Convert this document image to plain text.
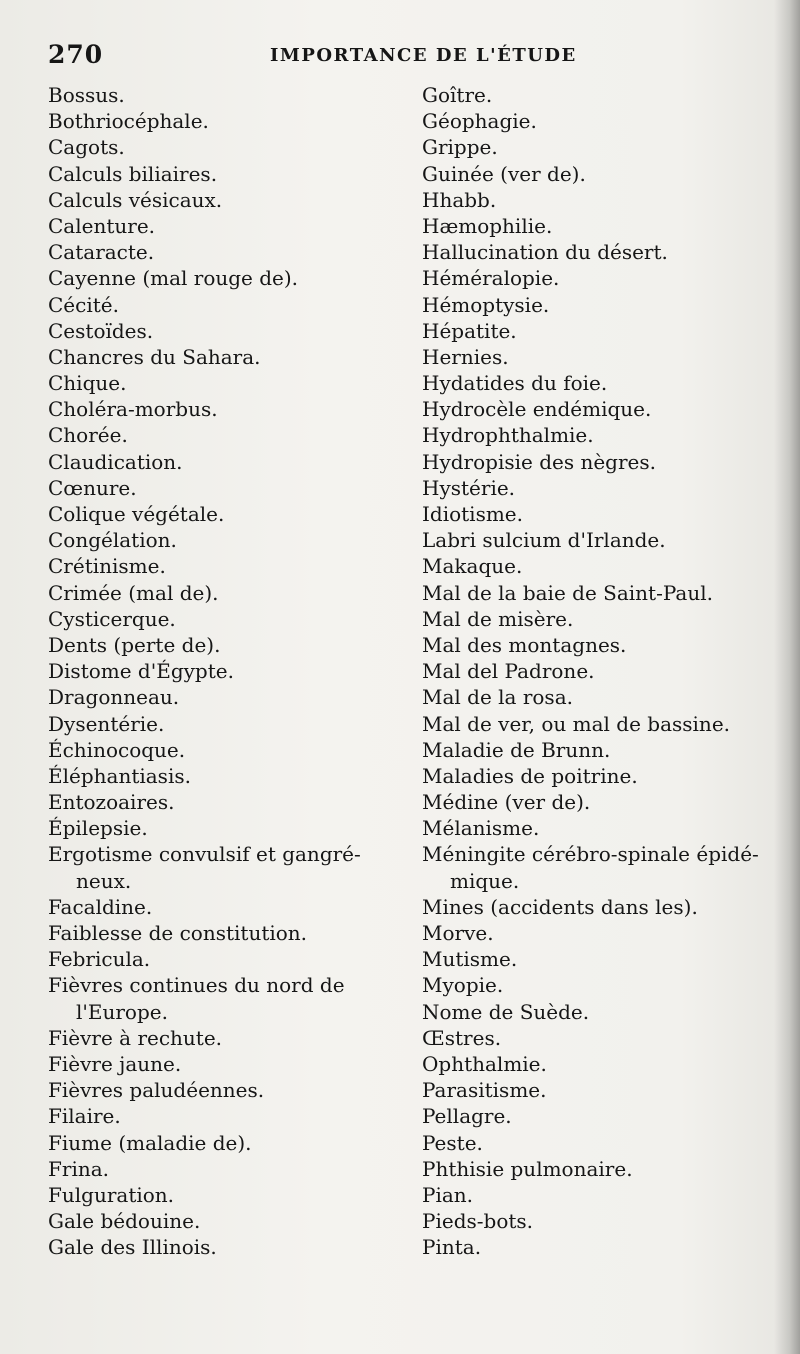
270	IMPORTANCE DE L'ÉTUDE
Bossus.
Bothriocéphale.
Cagots.
Calculs biliaires.
Calculs vésicaux.
Calenture.
Cataracte.
Cayenne (mal rouge de).
Cécité.
Cestoïdes.
Chancres du Sahara.
Chique.
Choléra-morbus.
Chorée.
Claudication.
Cœnure.
Colique végétale.
Congélation.
Crétinisme.
Crimée (mal de).
Cysticerque.
Dents (perte de).
Distome d'Égypte.
Dragonneau.
Dysentérie.
Échinocoque.
Éléphantiasis.
Entozoaires.
Épilepsie.
Ergotisme convulsif et gangré-
neux.
Facaldine.
Faiblesse de constitution.
Febricula.
Fièvres continues du nord de
l'Europe.
Fièvre à rechute.
Fièvre jaune.
Fièvres paludéennes.
Filaire.
Fiume (maladie de).
Frina.
Fulguration.
Gale bédouine.
Gale des Illinois.
Goître.
Géophagie.
Grippe.
Guinée (ver de).
Hhabb.
Hæmophilie.
Hallucination du désert.
Héméralopie.
Hémoptysie.
Hépatite.
Hernies.
Hydatides du foie.
Hydrocèle endémique.
Hydrophthalmie.
Hydropisie des nègres.
Hystérie.
Idiotisme.
Labri sulcium d'Irlande.
Makaque.
Mal de la baie de Saint-Paul.
Mal de misère.
Mal des montagnes.
Mal del Padrone.
Mal de la rosa.
Mal de ver, ou mal de bassine.
Maladie de Brunn.
Maladies de poitrine.
Médine (ver de).
Mélanisme.
Méningite cérébro-spinale épidé-
mique.
Mines (accidents dans les).
Morve.
Mutisme.
Myopie.
Nome de Suède.
Œstres.
Ophthalmie.
Parasitisme.
Pellagre.
Peste.
Phthisie pulmonaire.
Pian.
Pieds-bots.
Pinta.
